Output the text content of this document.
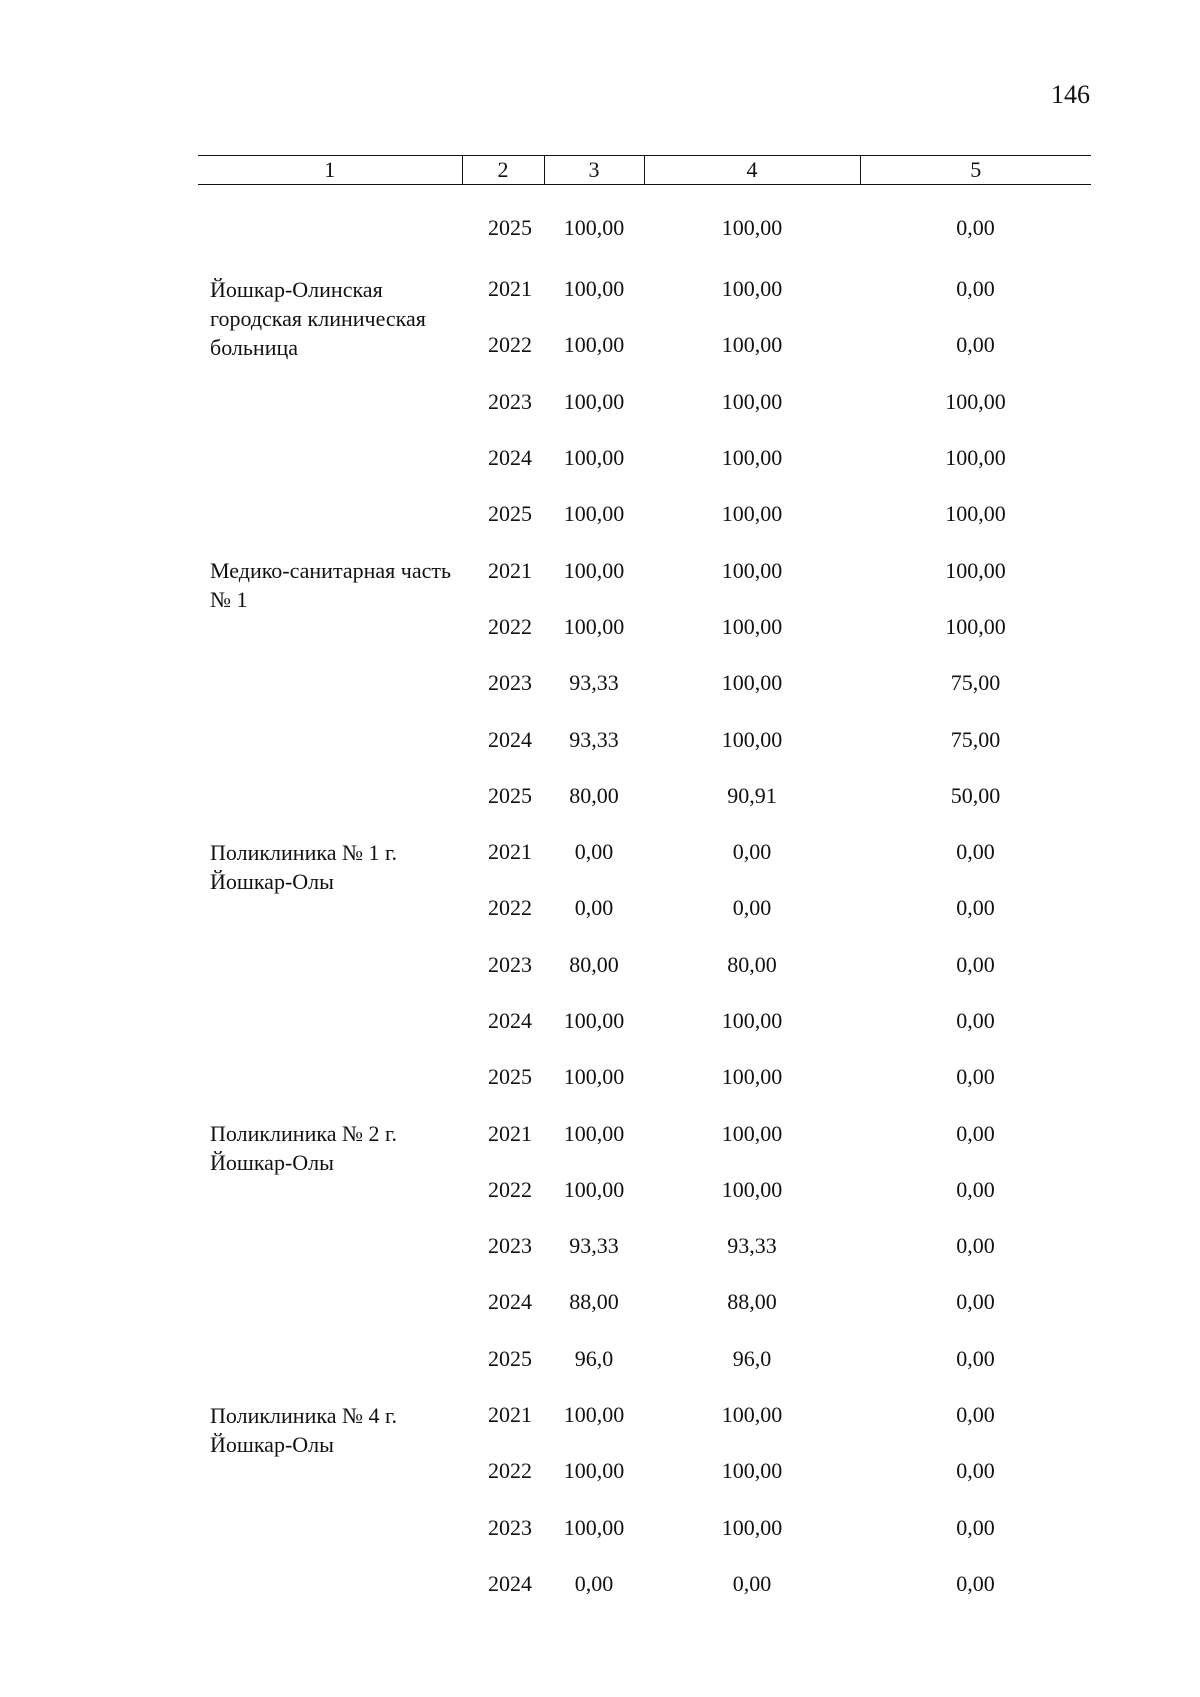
146
1	2	3	4	5
	2025	100,00	100,00	0,00
Йошкар-Олинская городская клиническая больница	2021	100,00	100,00	0,00
	2022	100,00	100,00	0,00
	2023	100,00	100,00	100,00
	2024	100,00	100,00	100,00
	2025	100,00	100,00	100,00
Медико-санитарная часть № 1	2021	100,00	100,00	100,00
	2022	100,00	100,00	100,00
	2023	93,33	100,00	75,00
	2024	93,33	100,00	75,00
	2025	80,00	90,91	50,00
Поликлиника № 1 г. Йошкар-Олы	2021	0,00	0,00	0,00
	2022	0,00	0,00	0,00
	2023	80,00	80,00	0,00
	2024	100,00	100,00	0,00
	2025	100,00	100,00	0,00
Поликлиника № 2 г. Йошкар-Олы	2021	100,00	100,00	0,00
	2022	100,00	100,00	0,00
	2023	93,33	93,33	0,00
	2024	88,00	88,00	0,00
	2025	96,0	96,0	0,00
Поликлиника № 4 г. Йошкар-Олы	2021	100,00	100,00	0,00
	2022	100,00	100,00	0,00
	2023	100,00	100,00	0,00
	2024	0,00	0,00	0,00
